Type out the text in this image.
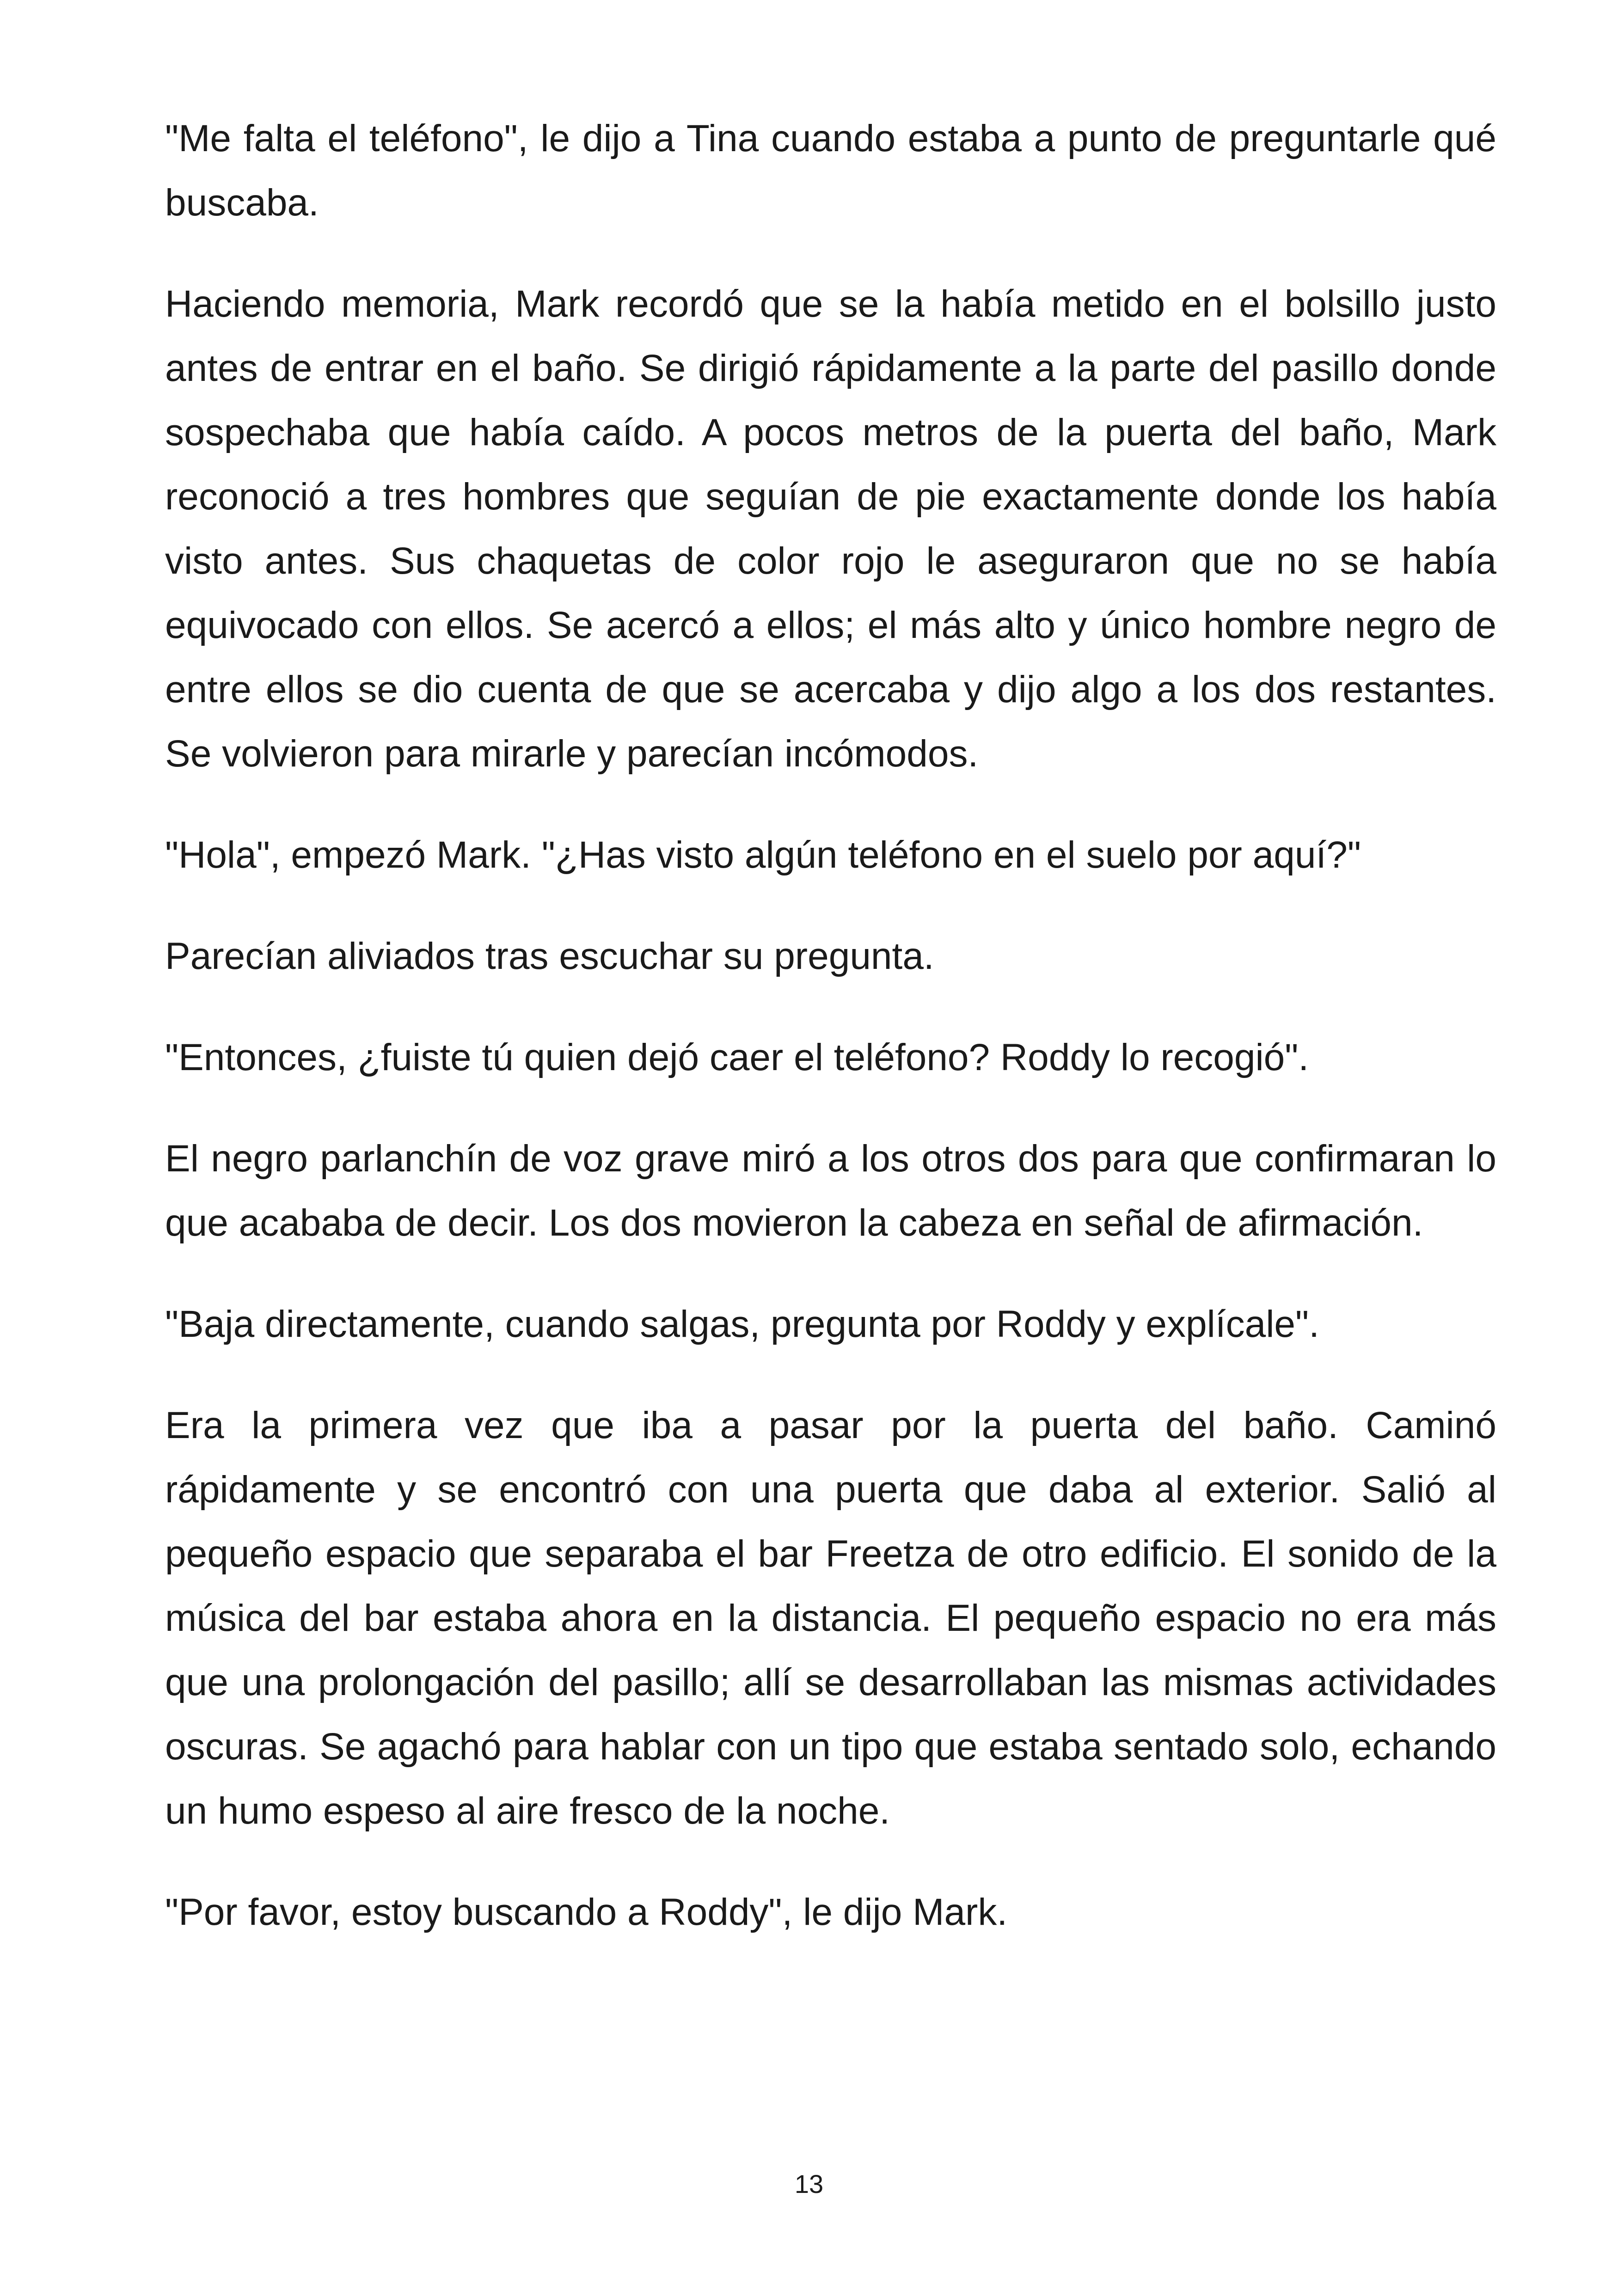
"Me falta el teléfono", le dijo a Tina cuando estaba a punto de preguntarle qué buscaba.

Haciendo memoria, Mark recordó que se la había metido en el bolsillo justo antes de entrar en el baño. Se dirigió rápidamente a la parte del pasillo donde sospechaba que había caído. A pocos metros de la puerta del baño, Mark reconoció a tres hombres que seguían de pie exactamente donde los había visto antes. Sus chaquetas de color rojo le aseguraron que no se había equivocado con ellos. Se acercó a ellos; el más alto y único hombre negro de entre ellos se dio cuenta de que se acercaba y dijo algo a los dos restantes. Se volvieron para mirarle y parecían incómodos.

"Hola", empezó Mark. "¿Has visto algún teléfono en el suelo por aquí?"

Parecían aliviados tras escuchar su pregunta.

"Entonces, ¿fuiste tú quien dejó caer el teléfono? Roddy lo recogió".

El negro parlanchín de voz grave miró a los otros dos para que confirmaran lo que acababa de decir. Los dos movieron la cabeza en señal de afirmación.

"Baja directamente, cuando salgas, pregunta por Roddy y explícale".

Era la primera vez que iba a pasar por la puerta del baño. Caminó rápidamente y se encontró con una puerta que daba al exterior. Salió al pequeño espacio que separaba el bar Freetza de otro edificio. El sonido de la música del bar estaba ahora en la distancia. El pequeño espacio no era más que una prolongación del pasillo; allí se desarrollaban las mismas actividades oscuras. Se agachó para hablar con un tipo que estaba sentado solo, echando un humo espeso al aire fresco de la noche.

"Por favor, estoy buscando a Roddy", le dijo Mark.

13
